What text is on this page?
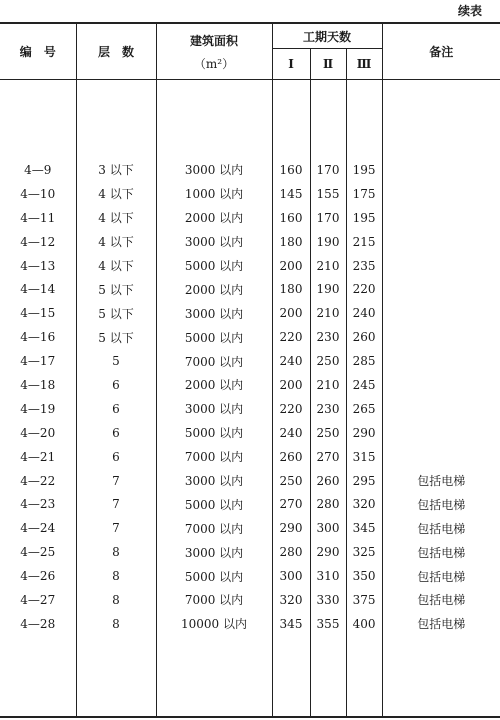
续表
编　号	层　数	建筑面积
（m²）	工期天数			备注
			Ⅰ	Ⅱ	Ⅲ	

4—9	3 以下	3000 以内	160	170	195	
4—10	4 以下	1000 以内	145	155	175	
4—11	4 以下	2000 以内	160	170	195	
4—12	4 以下	3000 以内	180	190	215	
4—13	4 以下	5000 以内	200	210	235	
4—14	5 以下	2000 以内	180	190	220	
4—15	5 以下	3000 以内	200	210	240	
4—16	5 以下	5000 以内	220	230	260	
4—17	5	7000 以内	240	250	285	
4—18	6	2000 以内	200	210	245	
4—19	6	3000 以内	220	230	265	
4—20	6	5000 以内	240	250	290	
4—21	6	7000 以内	260	270	315	
4—22	7	3000 以内	250	260	295	包括电梯
4—23	7	5000 以内	270	280	320	包括电梯
4—24	7	7000 以内	290	300	345	包括电梯
4—25	8	3000 以内	280	290	325	包括电梯
4—26	8	5000 以内	300	310	350	包括电梯
4—27	8	7000 以内	320	330	375	包括电梯
4—28	8	10000 以内	345	355	400	包括电梯
